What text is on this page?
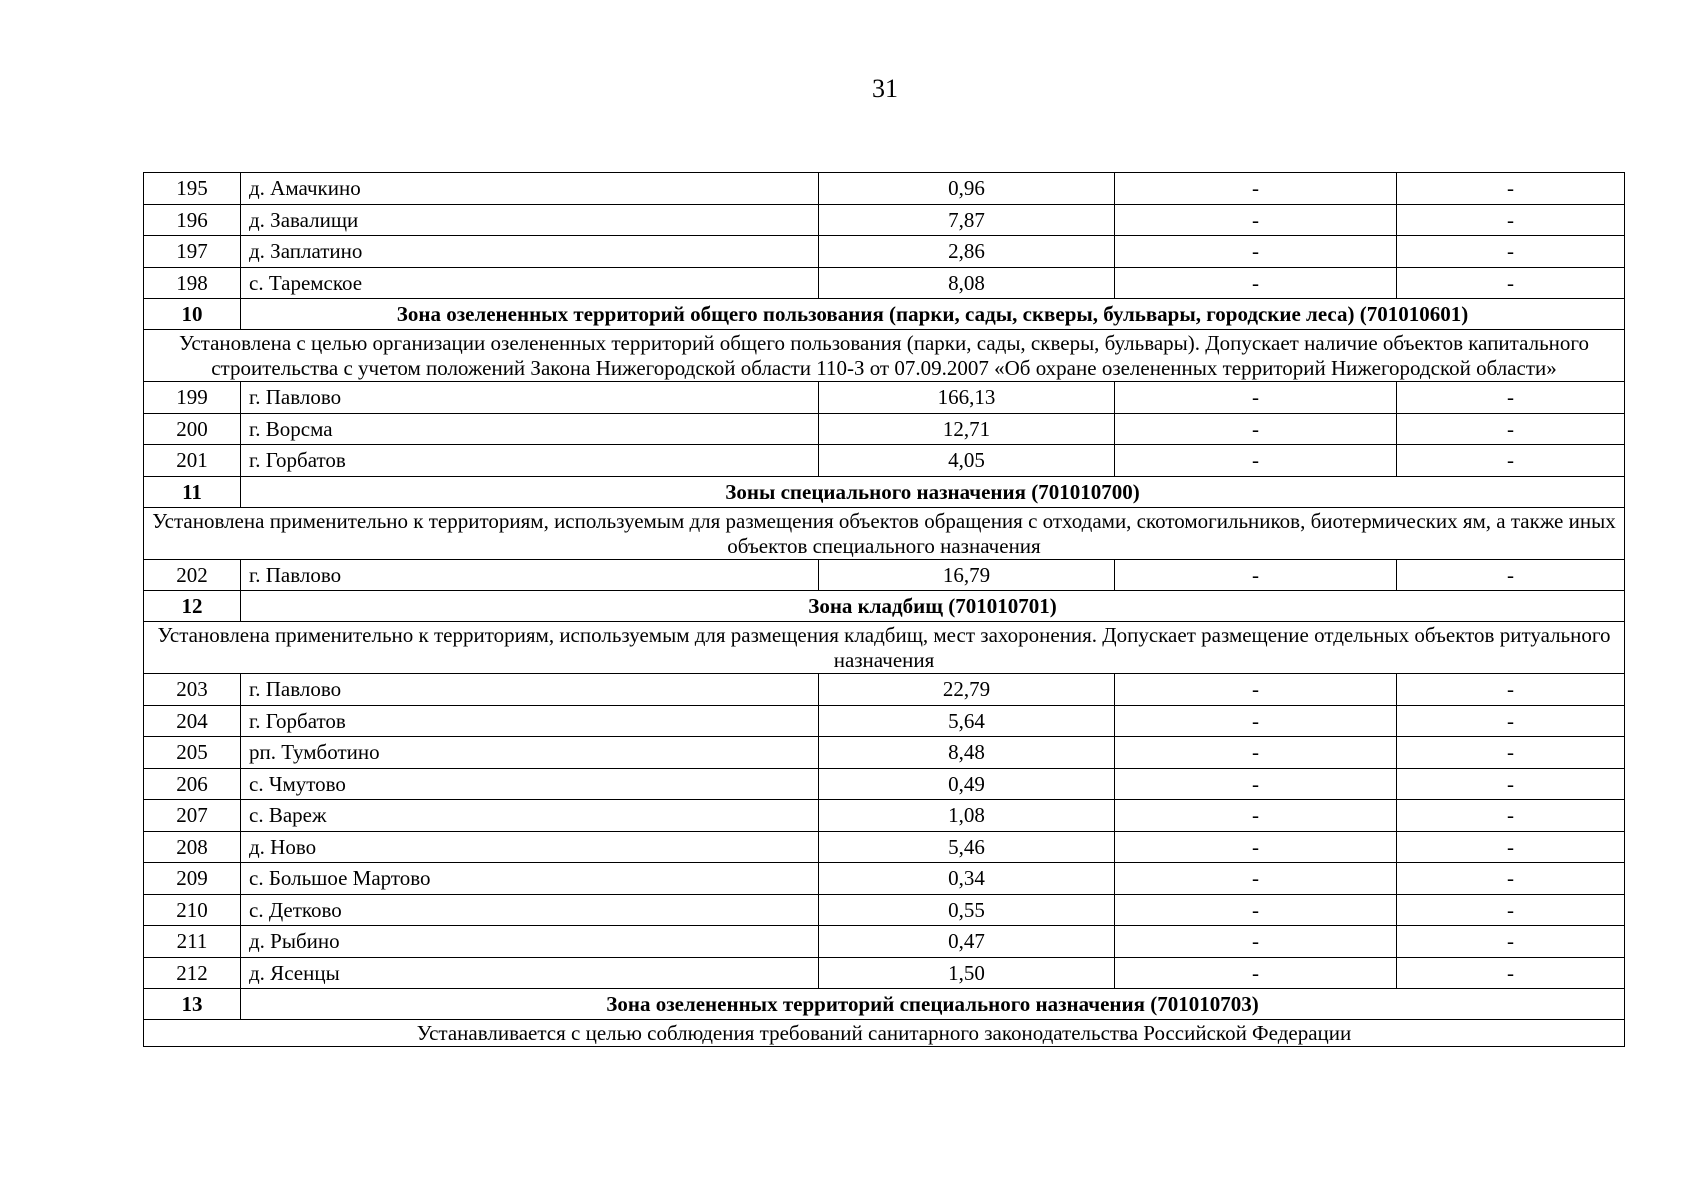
31
195	д. Амачкино	0,96	-	-
196	д. Завалищи	7,87	-	-
197	д. Заплатино	2,86	-	-
198	с. Таремское	8,08	-	-
10	Зона озелененных территорий общего пользования (парки, сады, скверы, бульвары, городские леса) (701010601)			
Установлена с целью организации озелененных территорий общего пользования (парки, сады, скверы, бульвары). Допускает наличие объектов капитального строительства с учетом положений Закона Нижегородской области 110-З от 07.09.2007 «Об охране озелененных территорий Нижегородской области»				
199	г. Павлово	166,13	-	-
200	г. Ворсма	12,71	-	-
201	г. Горбатов	4,05	-	-
11	Зоны специального назначения (701010700)			
Установлена применительно к территориям, используемым для размещения объектов обращения с отходами, скотомогильников, биотермических ям, а также иных объектов специального назначения				
202	г. Павлово	16,79	-	-
12	Зона кладбищ (701010701)			
Установлена применительно к территориям, используемым для размещения кладбищ, мест захоронения. Допускает размещение отдельных объектов ритуального назначения				
203	г. Павлово	22,79	-	-
204	г. Горбатов	5,64	-	-
205	рп. Тумботино	8,48	-	-
206	с. Чмутово	0,49	-	-
207	с. Вареж	1,08	-	-
208	д. Ново	5,46	-	-
209	с. Большое Мартово	0,34	-	-
210	с. Детково	0,55	-	-
211	д. Рыбино	0,47	-	-
212	д. Ясенцы	1,50	-	-
13	Зона озелененных территорий специального назначения (701010703)			
Устанавливается с целью соблюдения требований санитарного законодательства Российской Федерации				
